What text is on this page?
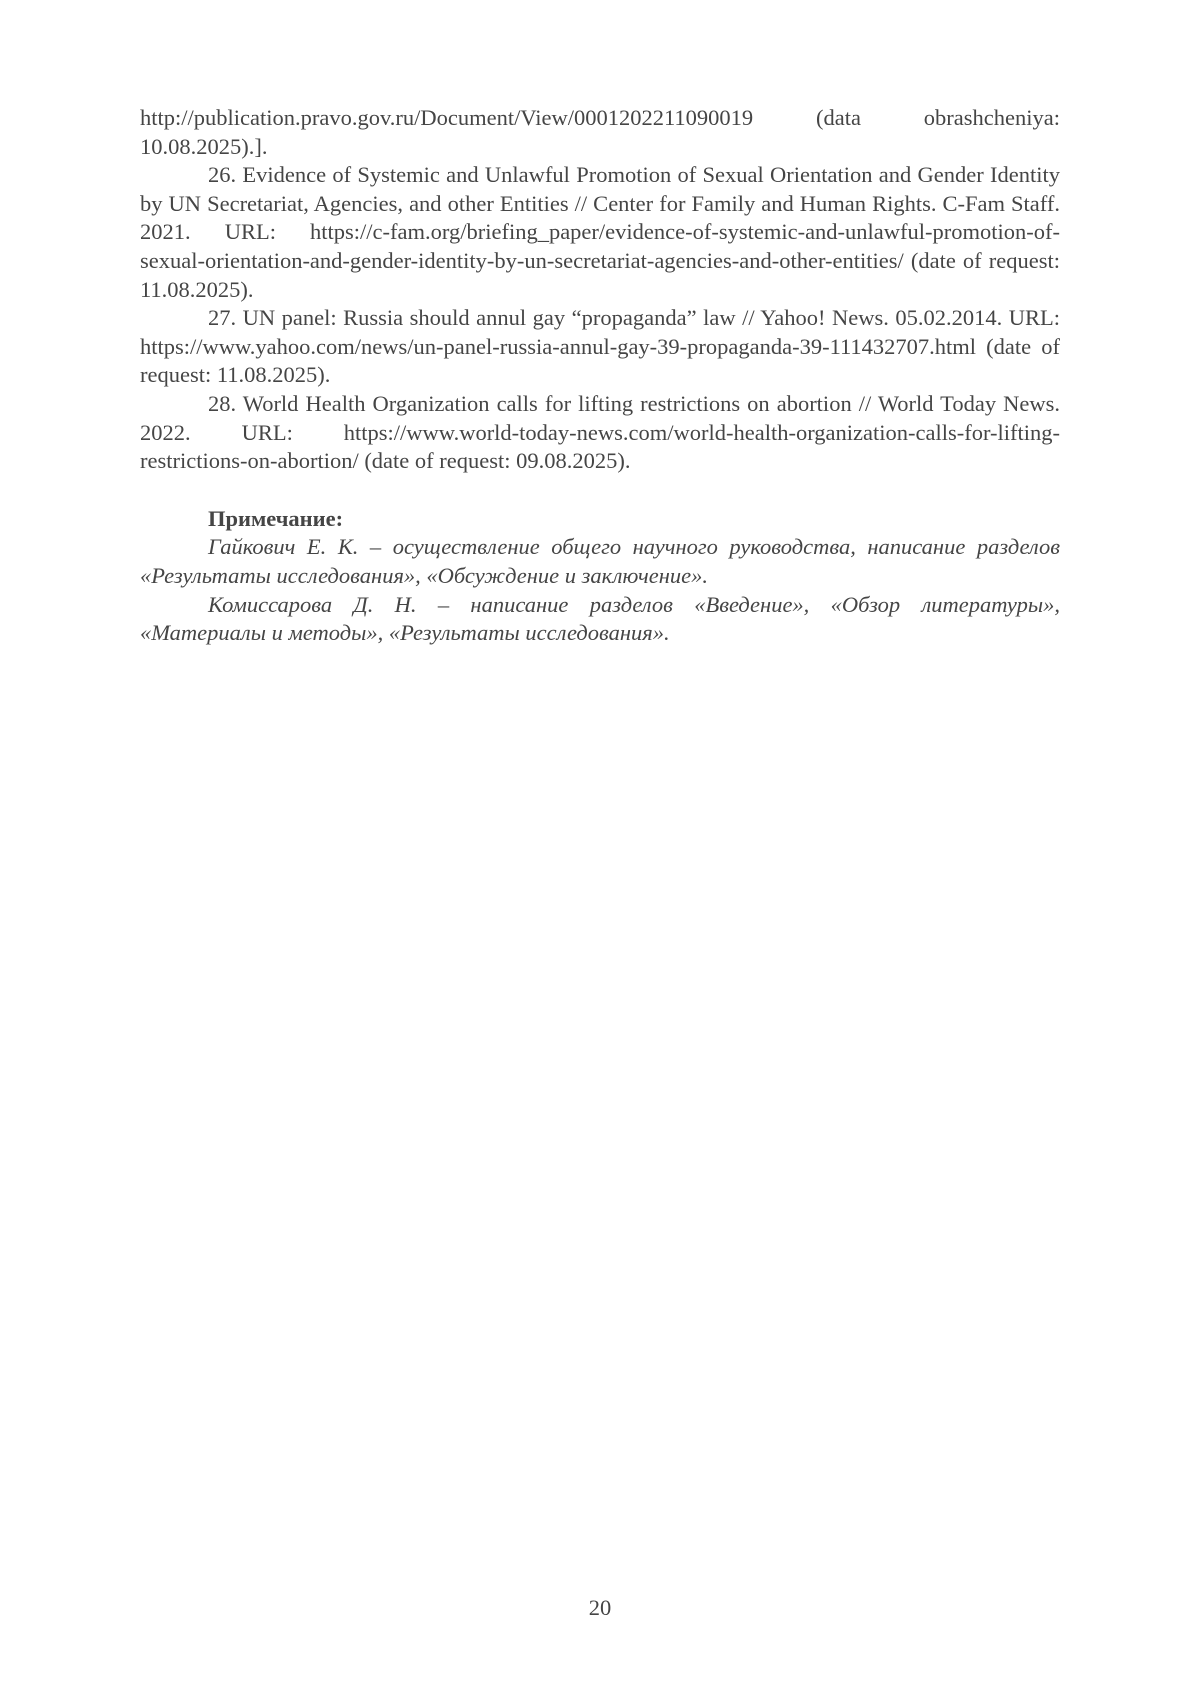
http://publication.pravo.gov.ru/Document/View/0001202211090019 (data obrashcheniya: 10.08.2025).].

26. Evidence of Systemic and Unlawful Promotion of Sexual Orientation and Gender Identity by UN Secretariat, Agencies, and other Entities // Center for Family and Human Rights. C-Fam Staff. 2021. URL: https://c-fam.org/briefing_paper/evidence-of-systemic-and-unlawful-promotion-of-sexual-orientation-and-gender-identity-by-un-secretariat-agencies-and-other-entities/ (date of request: 11.08.2025).

27. UN panel: Russia should annul gay “propaganda” law // Yahoo! News. 05.02.2014. URL: https://www.yahoo.com/news/un-panel-russia-annul-gay-39-propaganda-39-111432707.html (date of request: 11.08.2025).

28. World Health Organization calls for lifting restrictions on abortion // World Today News. 2022. URL: https://www.world-today-news.com/world-health-organization-calls-for-lifting-restrictions-on-abortion/ (date of request: 09.08.2025).

Примечание:

Гайкович Е. К. – осуществление общего научного руководства, написание разделов «Результаты исследования», «Обсуждение и заключение».

Комиссарова Д. Н. – написание разделов «Введение», «Обзор литературы», «Материалы и методы», «Результаты исследования».

20
